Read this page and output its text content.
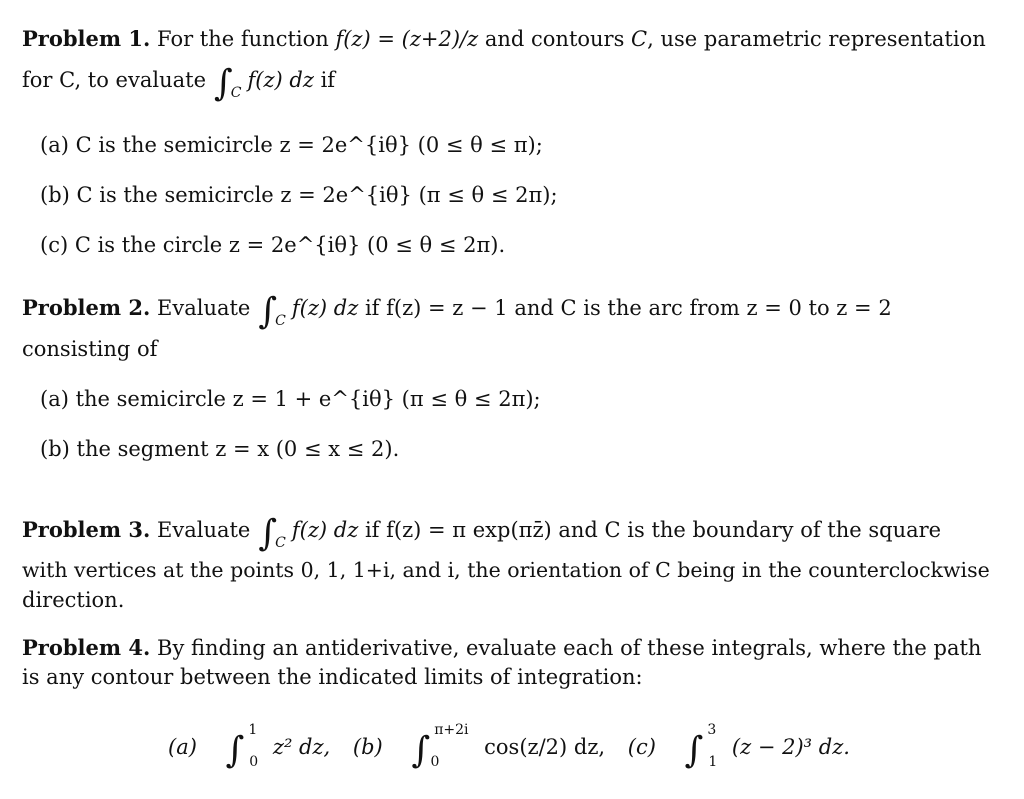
Problem 1. For the function f(z) = (z+2)/z and contours C, use parametric representation
for C, to evaluate $\int_Cf(z)$ dz if
(a) C is the semicircle z = 2e^{iθ} (0 ≤ θ ≤ π);
(b) C is the semicircle z = 2e^{iθ} (π ≤ θ ≤ 2π);
(c) C is the circle z = 2e^{iθ} (0 ≤ θ ≤ 2π).
Problem 2. Evaluate $\int_Cf(z)$ dz if f(z) = z − 1 and C is the arc from z = 0 to z = 2
consisting of
(a) the semicircle z = 1 + e^{iθ} (π ≤ θ ≤ 2π);
(b) the segment z = x (0 ≤ x ≤ 2).
Problem 3. Evaluate $\int_Cf(z)$ dz if f(z) = π exp(πz̄) and C is the boundary of the square
with vertices at the points 0, 1, 1+i, and i, the orientation of C being in the counterclockwise
direction.
Problem 4. By finding an antiderivative, evaluate each of these integrals, where the path
is any contour between the indicated limits of integration:
(a) ∫ $^1_0$ z² dz, (b) ∫ $^{\pi+2i}_0$ cos(z/2) dz, (c) ∫ $^3_1$ (z − 2)³ dz.
